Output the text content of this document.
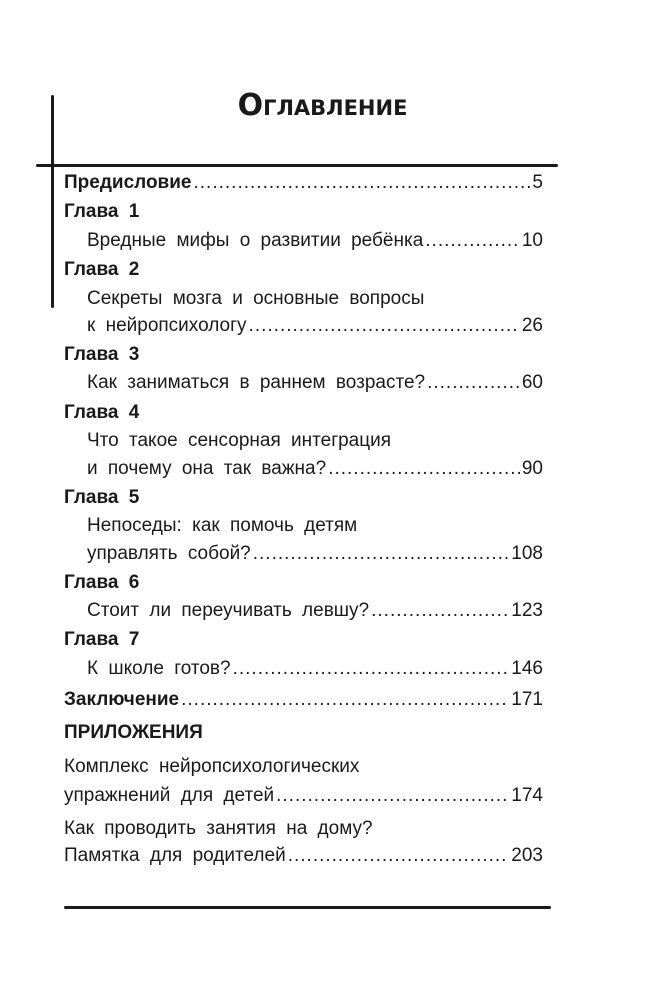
Оглавление
Предисловие .....	5
Глава 1
Вредные мифы о развитии ребёнка .....	10
Глава 2
Секреты мозга и основные вопросы
к нейропсихологу .....	26
Глава 3
Как заниматься в раннем возрасте? .....	60
Глава 4
Что такое сенсорная интеграция
и почему она так важна? .....	90
Глава 5
Непоседы: как помочь детям
управлять собой? .....	108
Глава 6
Стоит ли переучивать левшу? .....	123
Глава 7
К школе готов? .....	146
Заключение .....	171
ПРИЛОЖЕНИЯ
Комплекс нейропсихологических
упражнений для детей .....	174
Как проводить занятия на дому?
Памятка для родителей .....	203
